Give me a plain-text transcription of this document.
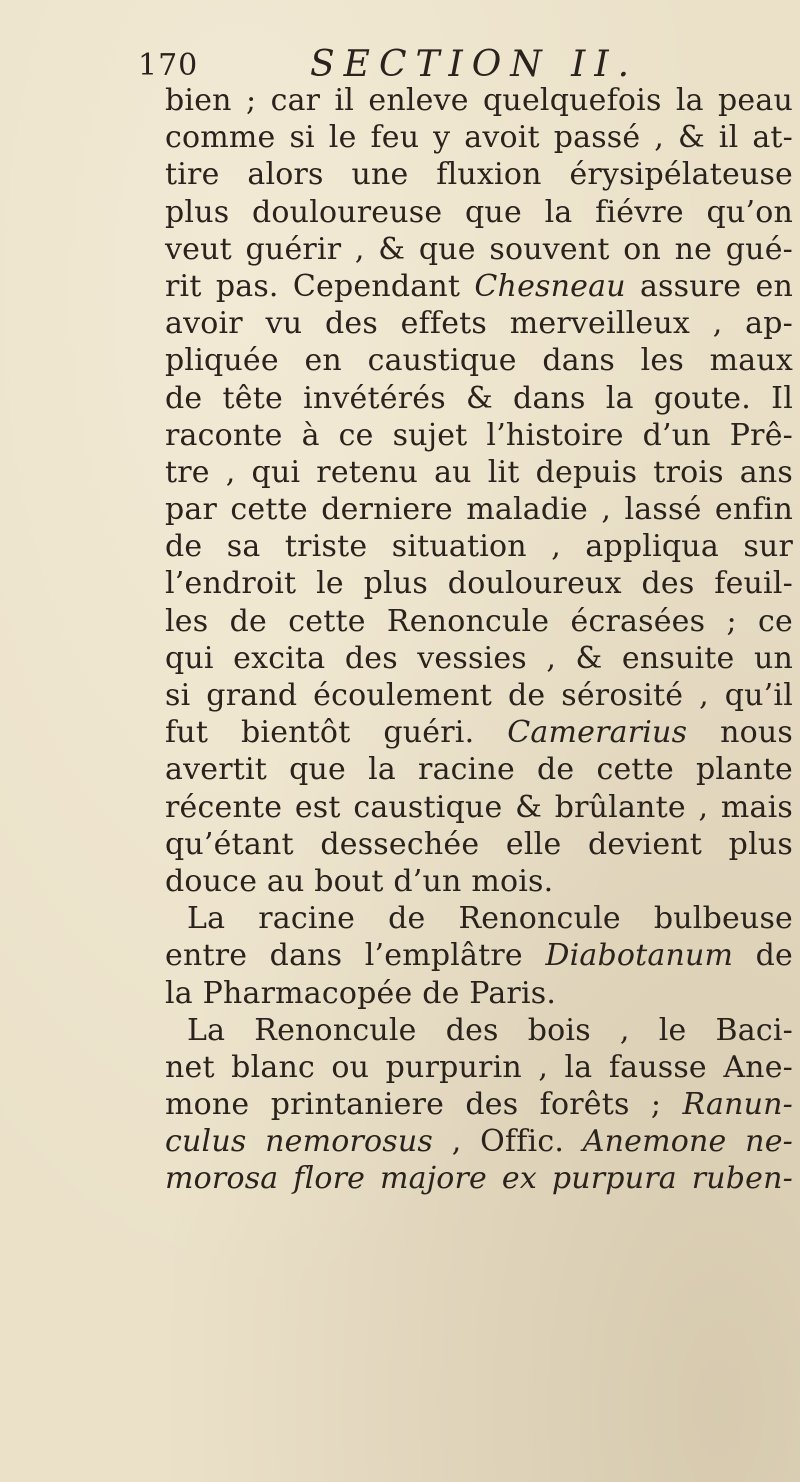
170	SECTION II.
bien ; car il enleve quelquefois la peau
comme si le feu y avoit passé , & il at-
tire alors une fluxion érysipélateuse
plus douloureuse que la fiévre qu’on
veut guérir , & que souvent on ne gué-
rit pas. Cependant Chesneau assure en
avoir vu des effets merveilleux , ap-
pliquée en caustique dans les maux
de tête invétérés & dans la goute. Il
raconte à ce sujet l’histoire d’un Prê-
tre , qui retenu au lit depuis trois ans
par cette derniere maladie , lassé enfin
de sa triste situation , appliqua sur
l’endroit le plus douloureux des feuil-
les de cette Renoncule écrasées ; ce
qui excita des vessies , & ensuite un
si grand écoulement de sérosité , qu’il
fut bientôt guéri. Camerarius nous
avertit que la racine de cette plante
récente est caustique & brûlante , mais
qu’étant dessechée elle devient plus
douce au bout d’un mois.
La racine de Renoncule bulbeuse
entre dans l’emplâtre Diabotanum de
la Pharmacopée de Paris.
La Renoncule des bois , le Baci-
net blanc ou purpurin , la fausse Ane-
mone printaniere des forêts ; Ranun-
culus nemorosus , Offic. Anemone ne-
morosa flore majore ex purpura ruben-
